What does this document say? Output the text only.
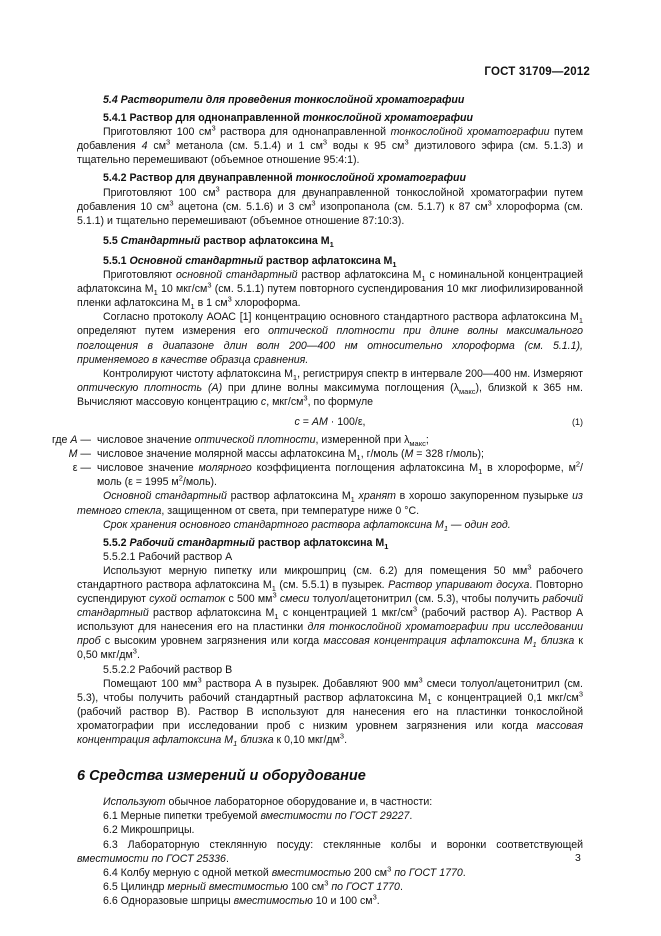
ГОСТ 31709—2012

5.4 Растворители для проведения тонкослойной хроматографии

5.4.1 Раствор для однонаправленной тонкослойной хроматографии

Приготовляют 100 $см^3$ раствора для однонаправленной тонкослойной хроматографии путем добавления 4 $см^3$ метанола (см. 5.1.4) и 1 $см^3$ воды к 95 $см^3$ диэтилового эфира (см. 5.1.3) и тщательно перемешивают (объемное отношение 95:4:1).

5.4.2 Раствор для двунаправленной тонкослойной хроматографии

Приготовляют 100 $см^3$ раствора для двунаправленной тонкослойной хроматографии путем добавления 10 $см^3$ ацетона (см. 5.1.6) и 3 $см^3$ изопропанола (см. 5.1.7) к 87 $см^3$ хлороформа (см. 5.1.1) и тщательно перемешивают (объемное отношение 87:10:3).

5.5 Стандартный раствор афлатоксина $М_1$

5.5.1 Основной стандартный раствор афлатоксина $М_1$

Приготовляют основной стандартный раствор афлатоксина $М_1$ с номинальной концентрацией афлатоксина $М_1$ 10 мкг/$см^3$ (см. 5.1.1) путем повторного суспендирования 10 мкг лиофилизированной пленки афлатоксина $М_1$ в 1 $см^3$ хлороформа.

Согласно протоколу АОАС [1] концентрацию основного стандартного раствора афлатоксина $М_1$ определяют путем измерения его оптической плотности при длине волны максимального поглощения в диапазоне длин волн 200—400 нм относительно хлороформа (см. 5.1.1), применяемого в качестве образца сравнения.

Контролируют чистоту афлатоксина $М_1$, регистрируя спектр в интервале 200—400 нм. Измеряют оптическую плотность (А) при длине волны максимума поглощения $(\lambda_{макс})$, близкой к 365 нм. Вычисляют массовую концентрацию с, мкг/$см^3$, по формуле

c = AM · 100/ε,	(1)
где А — числовое значение оптической плотности, измеренной при $\lambda_{макс}$;
М — числовое значение молярной массы афлатоксина $М_1$, г/моль (М = 328 г/моль);
ε — числовое значение молярного коэффициента поглощения афлатоксина $М_1$ в хлороформе, $м^2$/моль (ε = 1995 $м^2/моль$).

Основной стандартный раствор афлатоксина $М_1$ хранят в хорошо закупоренном пузырьке из темного стекла, защищенном от света, при температуре ниже 0 °С.

Срок хранения основного стандартного раствора афлатоксина $М_1$ — один год.

5.5.2 Рабочий стандартный раствор афлатоксина $М_1$

5.5.2.1 Рабочий раствор А

Используют мерную пипетку или микрошприц (см. 6.2) для помещения 50 $мм^3$ рабочего стандартного раствора афлатоксина $М_1$ (см. 5.5.1) в пузырек. Раствор упаривают досуха. Повторно суспендируют сухой остаток с 500 $мм^3$ смеси толуол/ацетонитрил (см. 5.3), чтобы получить рабочий стандартный раствор афлатоксина $М_1$ с концентрацией 1 мкг/$см^3$ (рабочий раствор А). Раствор А используют для нанесения его на пластинки для тонкослойной хроматографии при исследовании проб с высоким уровнем загрязнения или когда массовая концентрация афлатоксина $М_1$ близка к 0,50 мкг/$дм^3$.

5.5.2.2 Рабочий раствор В

Помещают 100 $мм^3$ раствора А в пузырек. Добавляют 900 $мм^3$ смеси толуол/ацетонитрил (см. 5.3), чтобы получить рабочий стандартный раствор афлатоксина $М_1$ с концентрацией 0,1 мкг/$см^3$ (рабочий раствор В). Раствор В используют для нанесения его на пластинки тонкослойной хроматографии при исследовании проб с низким уровнем загрязнения или когда массовая концентрация афлатоксина $М_1$ близка к 0,10 мкг/$дм^3$.

6 Средства измерений и оборудование

Используют обычное лабораторное оборудование и, в частности:

6.1 Мерные пипетки требуемой вместимости по ГОСТ 29227.

6.2 Микрошприцы.

6.3 Лабораторную стеклянную посуду: стеклянные колбы и воронки соответствующей вместимости по ГОСТ 25336.

6.4 Колбу мерную с одной меткой вместимостью 200 $см^3$ по ГОСТ 1770.

6.5 Цилиндр мерный вместимостью 100 $см^3$ по ГОСТ 1770.

6.6 Одноразовые шприцы вместимостью 10 и 100 $см^3$.

3
